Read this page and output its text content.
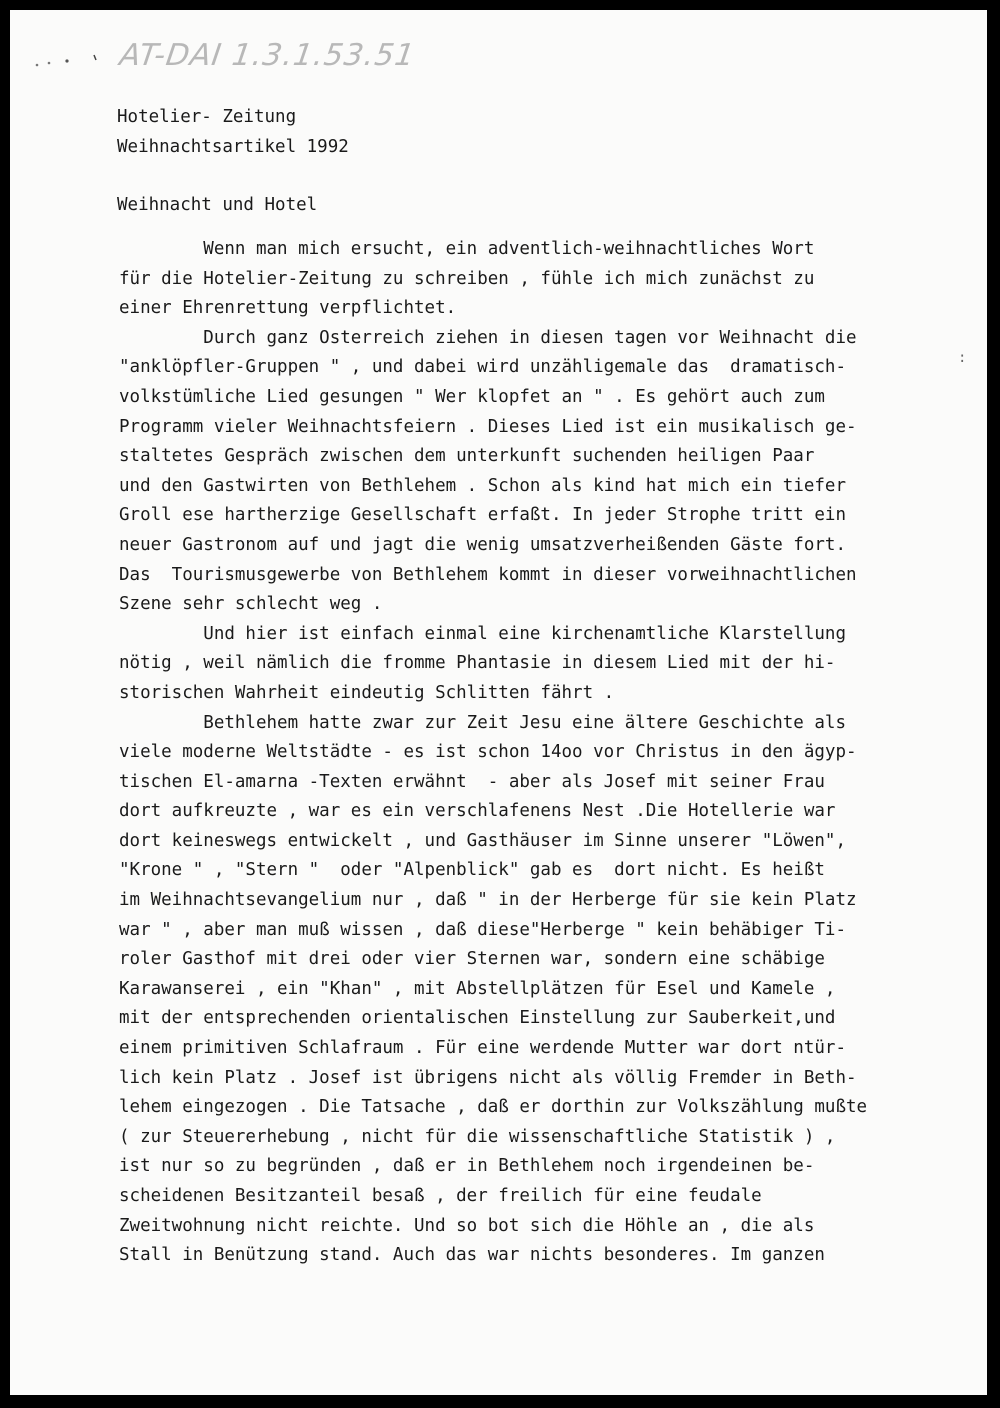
AT-DAI 1.3.1.53.51
Hotelier- Zeitung
Weihnachtsartikel 1992
Weihnacht und Hotel
Wenn man mich ersucht, ein adventlich-weihnachtliches Wort
für die Hotelier-Zeitung zu schreiben , fühle ich mich zunächst zu
einer Ehrenrettung verpflichtet.
Durch ganz Osterreich ziehen in diesen tagen vor Weihnacht die
"anklöpfler-Gruppen " , und dabei wird unzähligemale das  dramatisch-
volkstümliche Lied gesungen " Wer klopfet an " . Es gehört auch zum
Programm vieler Weihnachtsfeiern . Dieses Lied ist ein musikalisch ge-
staltetes Gespräch zwischen dem unterkunft suchenden heiligen Paar
und den Gastwirten von Bethlehem . Schon als kind hat mich ein tiefer
Groll ese hartherzige Gesellschaft erfaßt. In jeder Strophe tritt ein
neuer Gastronom auf und jagt die wenig umsatzverheißenden Gäste fort.
Das  Tourismusgewerbe von Bethlehem kommt in dieser vorweihnachtlichen
Szene sehr schlecht weg .
Und hier ist einfach einmal eine kirchenamtliche Klarstellung
nötig , weil nämlich die fromme Phantasie in diesem Lied mit der hi-
storischen Wahrheit eindeutig Schlitten fährt .
Bethlehem hatte zwar zur Zeit Jesu eine ältere Geschichte als
viele moderne Weltstädte - es ist schon 14oo vor Christus in den ägyp-
tischen El-amarna -Texten erwähnt  - aber als Josef mit seiner Frau
dort aufkreuzte , war es ein verschlafenens Nest .Die Hotellerie war
dort keineswegs entwickelt , und Gasthäuser im Sinne unserer "Löwen",
"Krone " , "Stern "  oder "Alpenblick" gab es  dort nicht. Es heißt
im Weihnachtsevangelium nur , daß " in der Herberge für sie kein Platz
war " , aber man muß wissen , daß diese"Herberge " kein behäbiger Ti-
roler Gasthof mit drei oder vier Sternen war, sondern eine schäbige
Karawanserei , ein "Khan" , mit Abstellplätzen für Esel und Kamele ,
mit der entsprechenden orientalischen Einstellung zur Sauberkeit,und
einem primitiven Schlafraum . Für eine werdende Mutter war dort ntür-
lich kein Platz . Josef ist übrigens nicht als völlig Fremder in Beth-
lehem eingezogen . Die Tatsache , daß er dorthin zur Volkszählung mußte
( zur Steuererhebung , nicht für die wissenschaftliche Statistik ) ,
ist nur so zu begründen , daß er in Bethlehem noch irgendeinen be-
scheidenen Besitzanteil besaß , der freilich für eine feudale
Zweitwohnung nicht reichte. Und so bot sich die Höhle an , die als
Stall in Benützung stand. Auch das war nichts besonderes. Im ganzen
:
